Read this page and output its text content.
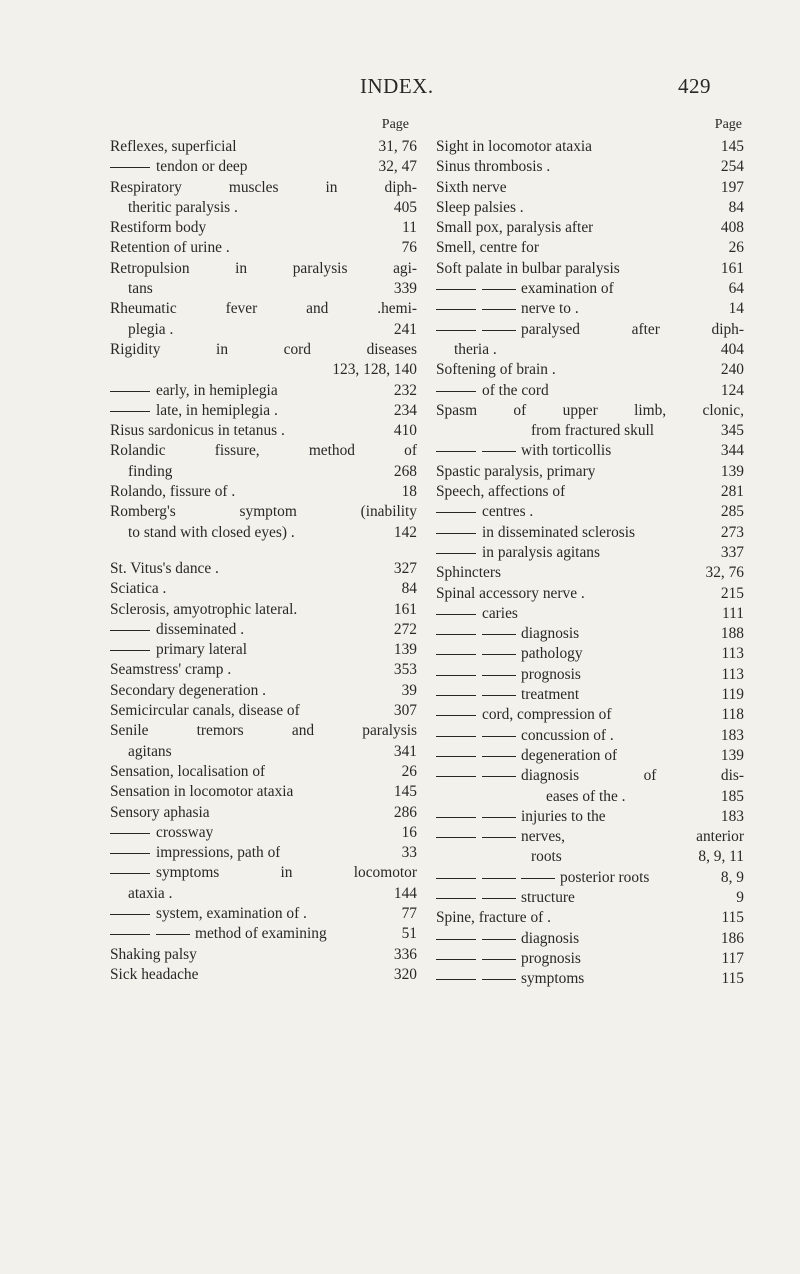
INDEX.	429
Page
Reflexes, superficial	31, 76
tendon or deep	32, 47
Respiratory muscles in diph-
theritic paralysis .	405
Restiform body	11
Retention of urine .	76
Retropulsion in paralysis agi-
tans	339
Rheumatic fever and .hemi-
plegia .	241
Rigidity in cord diseases
123, 128, 140
early, in hemiplegia	232
late, in hemiplegia .	234
Risus sardonicus in tetanus .	410
Rolandic fissure, method of
finding	268
Rolando, fissure of .	18
Romberg's symptom (inability
to stand with closed eyes) .	142
St. Vitus's dance .	327
Sciatica .	84
Sclerosis, amyotrophic lateral.	161
disseminated .	272
primary lateral	139
Seamstress' cramp .	353
Secondary degeneration .	39
Semicircular canals, disease of	307
Senile tremors and paralysis
agitans	341
Sensation, localisation of	26
Sensation in locomotor ataxia	145
Sensory aphasia	286
crossway	16
impressions, path of	33
symptoms in locomotor
ataxia .	144
system, examination of .	77
method of examining	51
Shaking palsy	336
Sick headache	320
Page
Sight in locomotor ataxia	145
Sinus thrombosis .	254
Sixth nerve	197
Sleep palsies .	84
Small pox, paralysis after	408
Smell, centre for	26
Soft palate in bulbar paralysis	161
examination of	64
nerve to .	14
paralysed after diph-
theria .	404
Softening of brain .	240
of the cord	124
Spasm of upper limb, clonic,
from fractured skull	345
with torticollis	344
Spastic paralysis, primary	139
Speech, affections of	281
centres .	285
in disseminated sclerosis	273
in paralysis agitans	337
Sphincters	32, 76
Spinal accessory nerve .	215
caries	111
diagnosis	188
pathology	113
prognosis	113
treatment	119
cord, compression of	118
concussion of .	183
degeneration of	139
diagnosis of dis-
eases of the .	185
injuries to the	183
nerves, anterior
roots	8, 9, 11
posterior roots	8, 9
structure	9
Spine, fracture of .	115
diagnosis	186
prognosis	117
symptoms	115
